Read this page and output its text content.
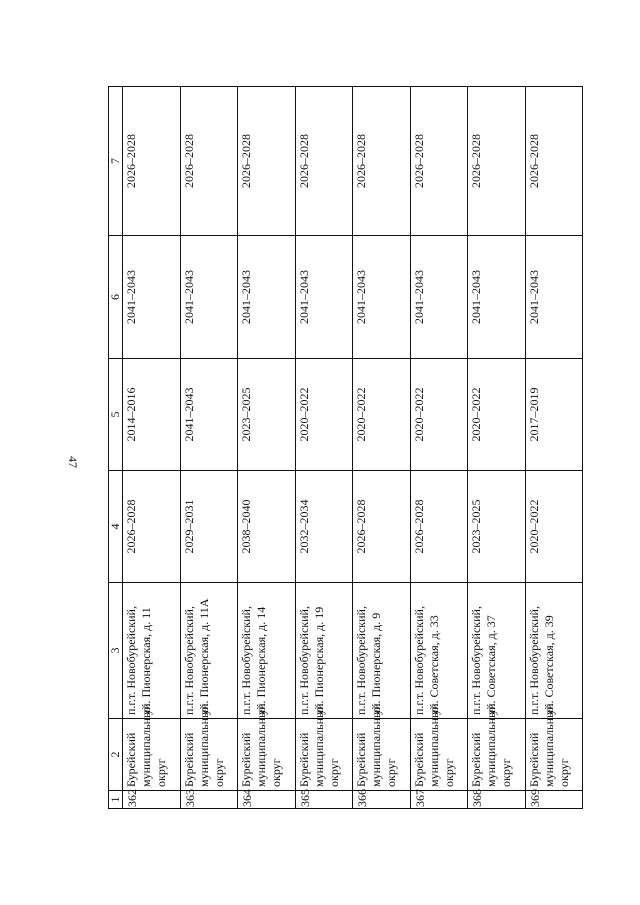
47
1	2	3	4	5	6	7
362	Бурейский муниципальный округ	п.г.т. Новобурейский, ул. Пионерская, д. 11	2026–2028	2014–2016	2041–2043	2026–2028
363	Бурейский муниципальный округ	п.г.т. Новобурейский, ул. Пионерская, д. 11А	2029–2031	2041–2043	2041–2043	2026–2028
364	Бурейский муниципальный округ	п.г.т. Новобурейский, ул. Пионерская, д. 14	2038–2040	2023–2025	2041–2043	2026–2028
365	Бурейский муниципальный округ	п.г.т. Новобурейский, ул. Пионерская, д. 19	2032–2034	2020–2022	2041–2043	2026–2028
366	Бурейский муниципальный округ	п.г.т. Новобурейский, ул. Пионерская, д. 9	2026–2028	2020–2022	2041–2043	2026–2028
367	Бурейский муниципальный округ	п.г.т. Новобурейский, ул. Советская, д. 33	2026–2028	2020–2022	2041–2043	2026–2028
368	Бурейский муниципальный округ	п.г.т. Новобурейский, ул. Советская, д. 37	2023–2025	2020–2022	2041–2043	2026–2028
369	Бурейский муниципальный округ	п.г.т. Новобурейский, ул. Советская, д. 39	2020–2022	2017–2019	2041–2043	2026–2028
